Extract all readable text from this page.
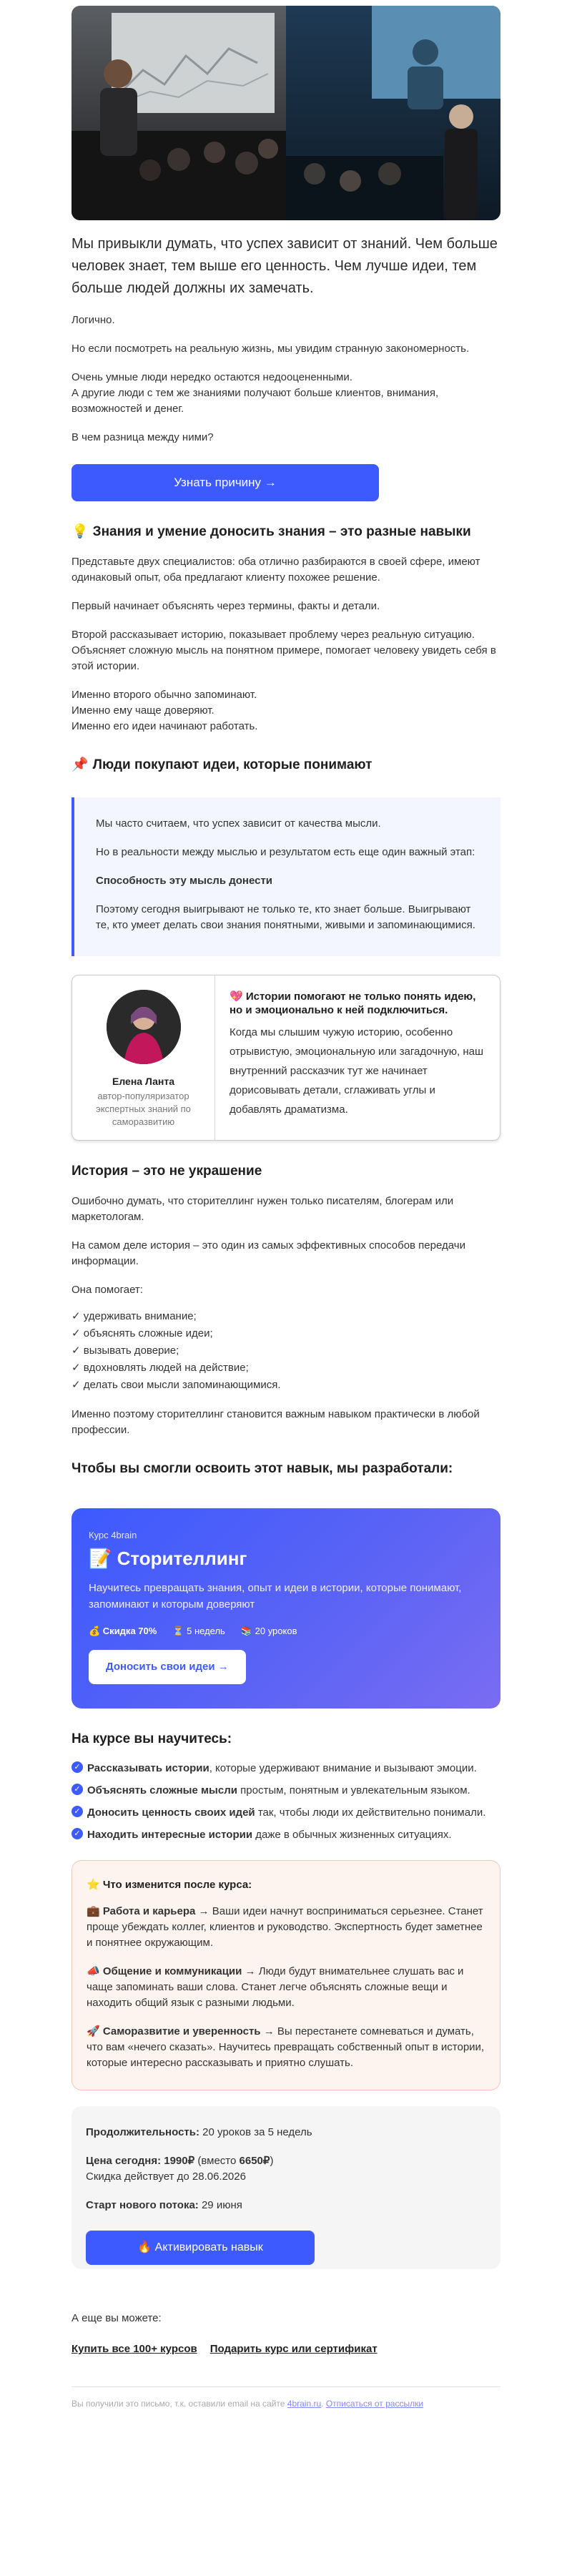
Мы привыкли думать, что успех зависит от знаний. Чем больше человек знает, тем выше его ценность. Чем лучше идеи, тем больше людей должны их замечать.

Логично.

Но если посмотреть на реальную жизнь, мы увидим странную закономерность.

Очень умные люди нередко остаются недооцененными.
А другие люди с тем же знаниями получают больше клиентов, внимания, возможностей и денег.

В чем разница между ними?

Узнать причину →
💡 Знания и умение доносить знания – это разные навыки

Представьте двух специалистов: оба отлично разбираются в своей сфере, имеют одинаковый опыт, оба предлагают клиенту похожее решение.

Первый начинает объяснять через термины, факты и детали.

Второй рассказывает историю, показывает проблему через реальную ситуацию. Объясняет сложную мысль на понятном примере, помогает человеку увидеть себя в этой истории.

Именно второго обычно запоминают.
Именно ему чаще доверяют.
Именно его идеи начинают работать.

📌 Люди покупают идеи, которые понимают

Мы часто считаем, что успех зависит от качества мысли.

Но в реальности между мыслью и результатом есть еще один важный этап:

Способность эту мысль донести

Поэтому сегодня выигрывают не только те, кто знает больше. Выигрывают те, кто умеет делать свои знания понятными, живыми и запоминающимися.

Елена Ланта
автор-популяризатор экспертных знаний по саморазвитию
💖 Истории помогают не только понять идею, но и эмоционально к ней подключиться.
Когда мы слышим чужую историю, особенно отрывистую, эмоциональную или загадочную, наш внутренний рассказчик тут же начинает дорисовывать детали, сглаживать углы и добавлять драматизма.
История – это не украшение

Ошибочно думать, что сторителлинг нужен только писателям, блогерам или маркетологам.

На самом деле история – это один из самых эффективных способов передачи информации.

Она помогает:

✓ удерживать внимание;
✓ объяснять сложные идеи;
✓ вызывать доверие;
✓ вдохновлять людей на действие;
✓ делать свои мысли запоминающимися.

Именно поэтому сторителлинг становится важным навыком практически в любой профессии.

Чтобы вы смогли освоить этот навык, мы разработали:
Курс 4brain
📝 Сторителлинг
Научитесь превращать знания, опыт и идеи в истории, которые понимают, запоминают и которым доверяют
💰 Скидка 70% ⏳ 5 недель 📚 20 уроков
Доносить свои идеи →
На курсе вы научитесь:
✓ Рассказывать истории, которые удерживают внимание и вызывают эмоции.
✓ Объяснять сложные мысли простым, понятным и увлекательным языком.
✓ Доносить ценность своих идей так, чтобы люди их действительно понимали.
✓ Находить интересные истории даже в обычных жизненных ситуациях.
⭐ Что изменится после курса:

💼 Работа и карьера → Ваши идеи начнут восприниматься серьезнее. Станет проще убеждать коллег, клиентов и руководство. Экспертность будет заметнее и понятнее окружающим.

📣 Общение и коммуникации → Люди будут внимательнее слушать вас и чаще запоминать ваши слова. Станет легче объяснять сложные вещи и находить общий язык с разными людьми.

🚀 Саморазвитие и уверенность → Вы перестанете сомневаться и думать, что вам «нечего сказать». Научитесь превращать собственный опыт в истории, которые интересно рассказывать и приятно слушать.

Продолжительность: 20 уроков за 5 недель

Цена сегодня: 1990₽ (вместо 6650₽)
Скидка действует до 28.06.2026

Старт нового потока: 29 июня

🔥 Активировать навык

А еще вы можете:

Купить все 100+ курсов Подарить курс или сертификат
Вы получили это письмо, т.к. оставили email на сайте 4brain.ru. Отписаться от рассылки
